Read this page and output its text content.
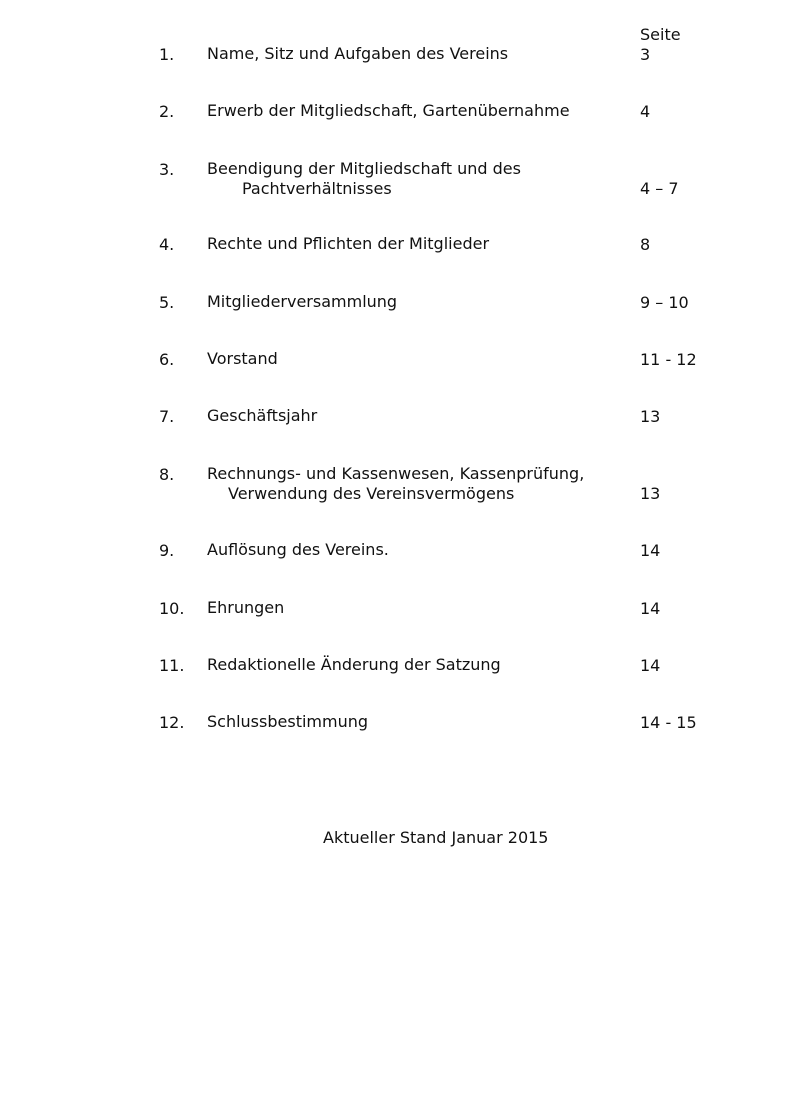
Seite
1. Name, Sitz und Aufgaben des Vereins	3
2. Erwerb der Mitgliedschaft, Gartenübernahme	4
3. Beendigung der Mitgliedschaft und des
Pachtverhältnisses	4 – 7
4. Rechte und Pflichten der Mitglieder	8
5. Mitgliederversammlung	9 – 10
6. Vorstand	11 - 12
7. Geschäftsjahr	13
8. Rechnungs- und Kassenwesen, Kassenprüfung,
Verwendung des Vereinsvermögens	13
9. Auflösung des Vereins.	14
10. Ehrungen	14
11. Redaktionelle Änderung der Satzung	14
12. Schlussbestimmung	14 - 15
Aktueller Stand Januar 2015
